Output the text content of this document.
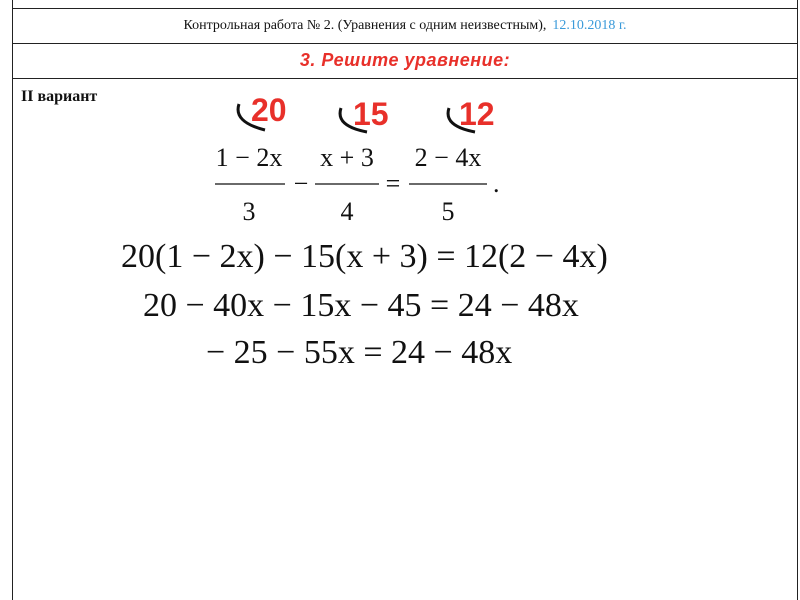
Контрольная работа № 2. (Уравнения с одним неизвестным), 12.10.2018 г.
3. Решите уравнение:
II вариант	20 15 12
1 − 2x
3
−
x + 3
4
=
2 − 4x
5
.
20(1 − 2x) − 15(x + 3) = 12(2 − 4x)
20 − 40x − 15x − 45 = 24 − 48x
− 25 − 55x = 24 − 48x
